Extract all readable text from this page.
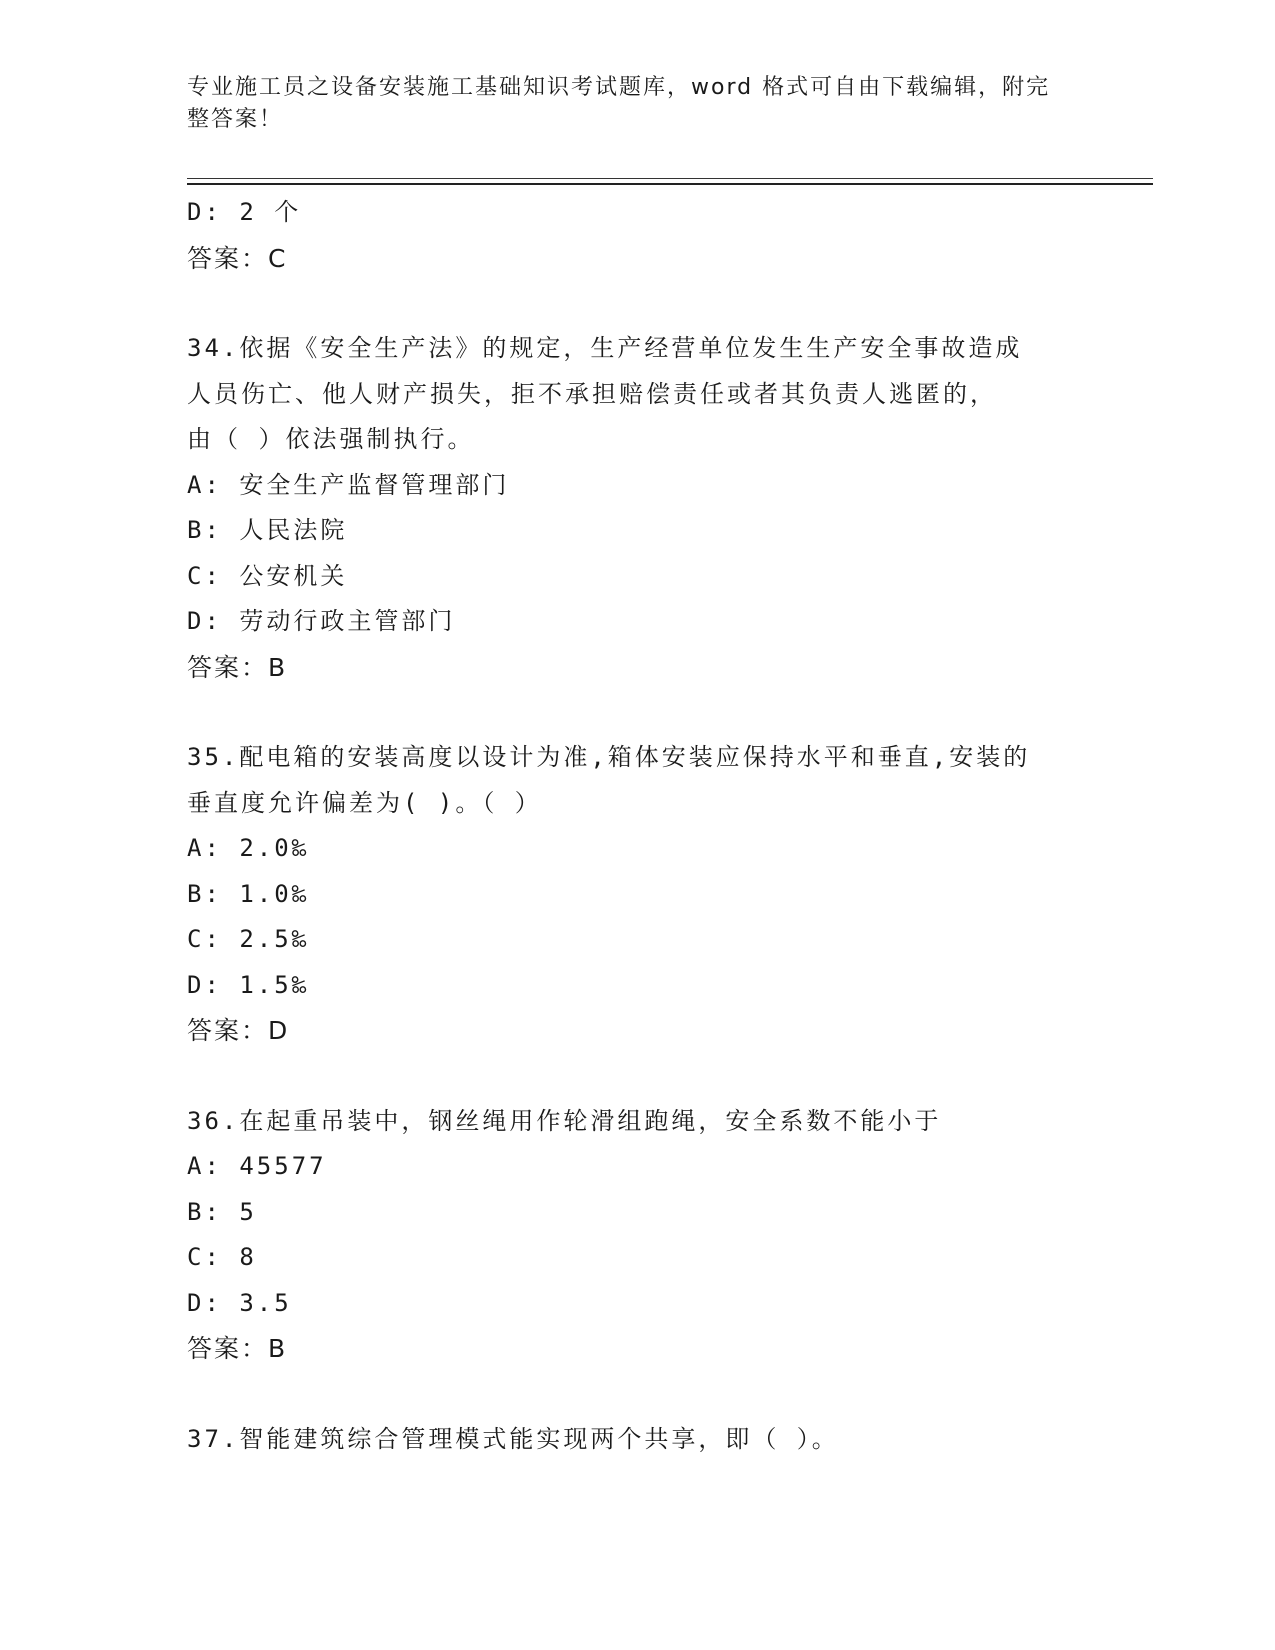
专业施工员之设备安装施工基础知识考试题库，word 格式可自由下载编辑，附完
整答案！
D: 2 个
答案：C
34.依据《安全生产法》的规定，生产经营单位发生生产安全事故造成
人员伤亡、他人财产损失，拒不承担赔偿责任或者其负责人逃匿的，
由（ ）依法强制执行。
A: 安全生产监督管理部门
B: 人民法院
C: 公安机关
D: 劳动行政主管部门
答案：B
35.配电箱的安装高度以设计为准,箱体安装应保持水平和垂直,安装的
垂直度允许偏差为( )。（ ）
A: 2.0‰
B: 1.0‰
C: 2.5‰
D: 1.5‰
答案：D
36.在起重吊装中，钢丝绳用作轮滑组跑绳，安全系数不能小于
A: 45577
B: 5
C: 8
D: 3.5
答案：B
37.智能建筑综合管理模式能实现两个共享，即（ ）。
